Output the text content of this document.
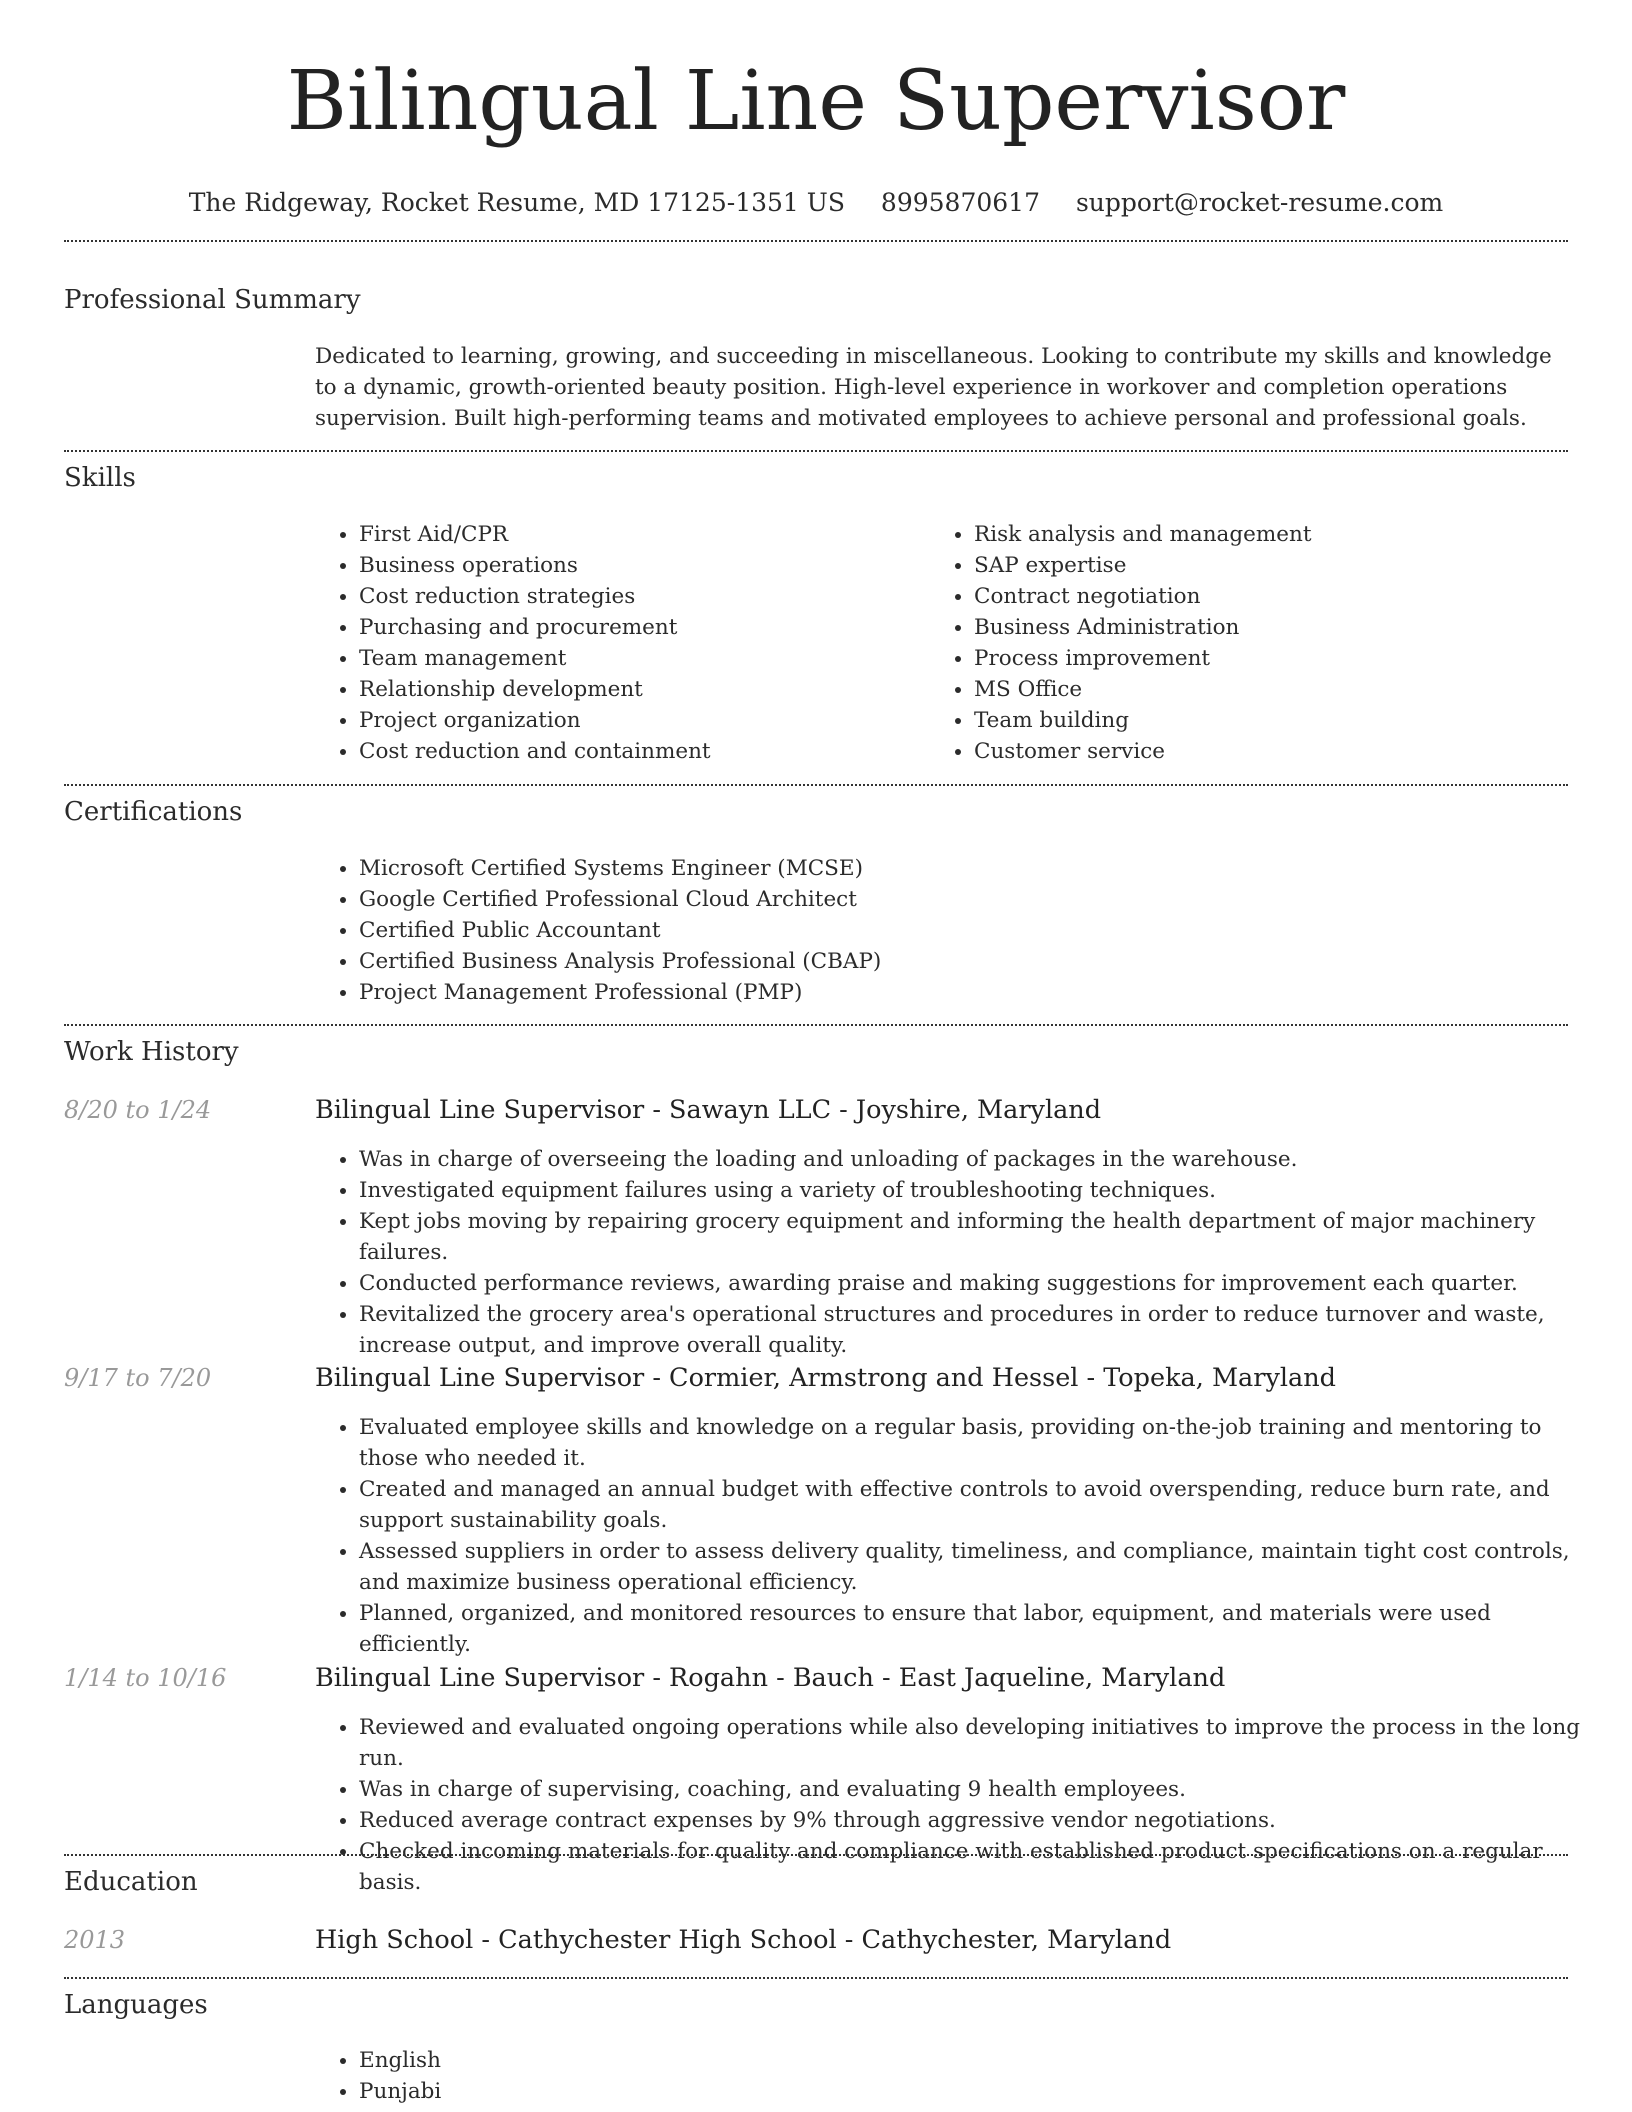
Bilingual Line Supervisor
The Ridgeway, Rocket Resume, MD 17125-1351 US 8995870617 support@rocket-resume.com
Professional Summary

Dedicated to learning, growing, and succeeding in miscellaneous. Looking to contribute my skills and knowledge to a dynamic, growth-oriented beauty position. High-level experience in workover and completion operations supervision. Built high-performing teams and motivated employees to achieve personal and professional goals.

Skills
• First Aid/CPR
• Business operations
• Cost reduction strategies
• Purchasing and procurement
• Team management
• Relationship development
• Project organization
• Cost reduction and containment
• Risk analysis and management
• SAP expertise
• Contract negotiation
• Business Administration
• Process improvement
• MS Office
• Team building
• Customer service
Certifications
• Microsoft Certified Systems Engineer (MCSE)
• Google Certified Professional Cloud Architect
• Certified Public Accountant
• Certified Business Analysis Professional (CBAP)
• Project Management Professional (PMP)
Work History
8/20 to 1/24	Bilingual Line Supervisor - Sawayn LLC - Joyshire, Maryland
• Was in charge of overseeing the loading and unloading of packages in the warehouse.
• Investigated equipment failures using a variety of troubleshooting techniques.
• Kept jobs moving by repairing grocery equipment and informing the health department of major machinery failures.
• Conducted performance reviews, awarding praise and making suggestions for improvement each quarter.
• Revitalized the grocery area's operational structures and procedures in order to reduce turnover and waste, increase output, and improve overall quality.
9/17 to 7/20	Bilingual Line Supervisor - Cormier, Armstrong and Hessel - Topeka, Maryland
• Evaluated employee skills and knowledge on a regular basis, providing on-the-job training and mentoring to those who needed it.
• Created and managed an annual budget with effective controls to avoid overspending, reduce burn rate, and support sustainability goals.
• Assessed suppliers in order to assess delivery quality, timeliness, and compliance, maintain tight cost controls, and maximize business operational efficiency.
• Planned, organized, and monitored resources to ensure that labor, equipment, and materials were used efficiently.
1/14 to 10/16	Bilingual Line Supervisor - Rogahn - Bauch - East Jaqueline, Maryland
• Reviewed and evaluated ongoing operations while also developing initiatives to improve the process in the long run.
• Was in charge of supervising, coaching, and evaluating 9 health employees.
• Reduced average contract expenses by 9% through aggressive vendor negotiations.
• Checked incoming materials for quality and compliance with established product specifications on a regular basis.
Education
2013	High School - Cathychester High School - Cathychester, Maryland
Languages
• English
• Punjabi
